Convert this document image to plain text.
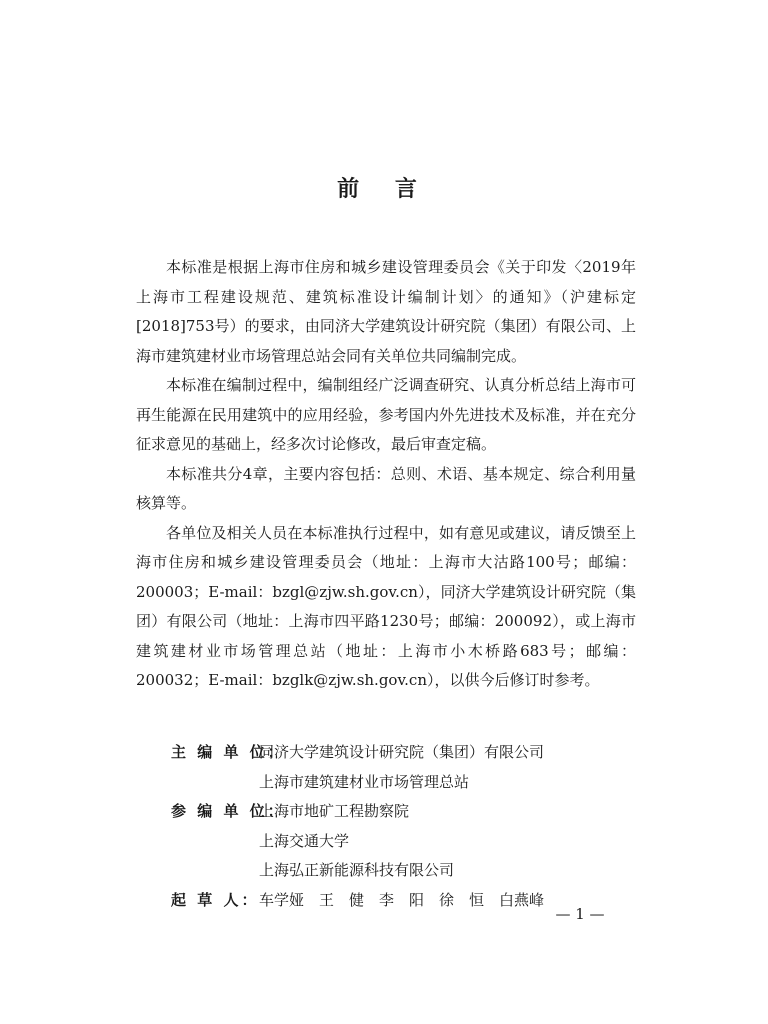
前 言

本标准是根据上海市住房和城乡建设管理委员会《关于印发〈2019年上海市工程建设规范、建筑标准设计编制计划〉的通知》（沪建标定[2018]753号）的要求，由同济大学建筑设计研究院（集团）有限公司、上海市建筑建材业市场管理总站会同有关单位共同编制完成。

本标准在编制过程中，编制组经广泛调查研究、认真分析总结上海市可再生能源在民用建筑中的应用经验，参考国内外先进技术及标准，并在充分征求意见的基础上，经多次讨论修改，最后审查定稿。

本标准共分4章，主要内容包括：总则、术语、基本规定、综合利用量核算等。

各单位及相关人员在本标准执行过程中，如有意见或建议，请反馈至上海市住房和城乡建设管理委员会（地址：上海市大沽路100号；邮编：200003；E-mail：bzgl@zjw.sh.gov.cn），同济大学建筑设计研究院（集团）有限公司（地址：上海市四平路1230号；邮编：200092），或上海市建筑建材业市场管理总站（地址：上海市小木桥路683号；邮编：200032；E-mail：bzglk@zjw.sh.gov.cn），以供今后修订时参考。

主 编 单 位：
同济大学建筑设计研究院（集团）有限公司
上海市建筑建材业市场管理总站
参 编 单 位：
上海市地矿工程勘察院
上海交通大学
上海弘正新能源科技有限公司
起 草 人： 车学娅　王　健　李　阳　徐　恒　白燕峰
— 1 —
